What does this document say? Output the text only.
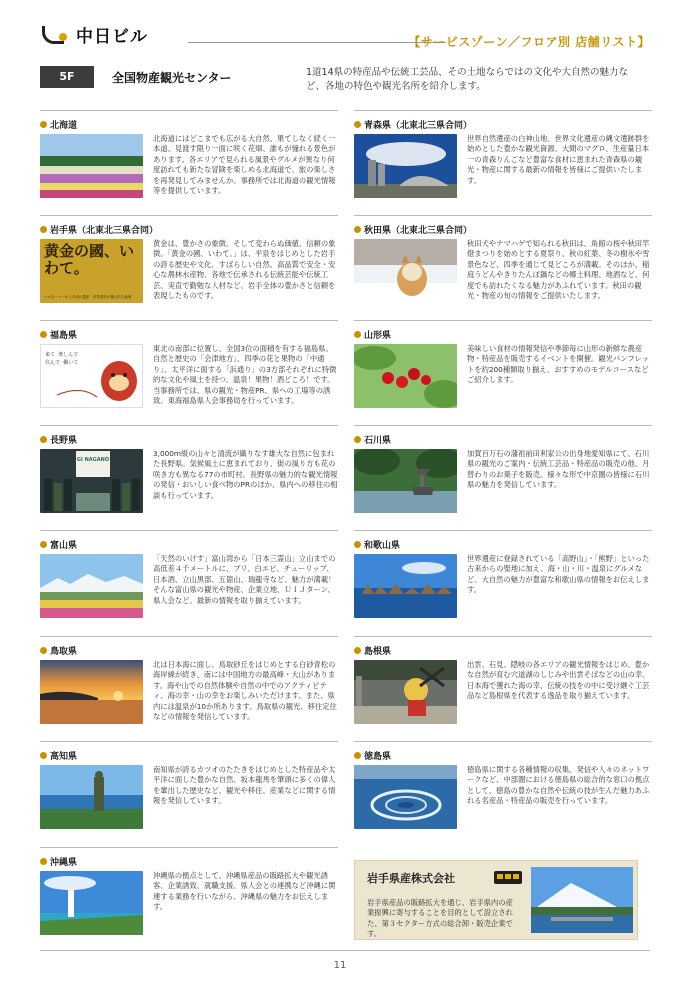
中日ビル	【サービスゾーン／フロア別 店舗リスト】
5F	全国物産観光センター	1道14県の特産品や伝統工芸品、その土地ならではの文化や大自然の魅力など、各地の特色や観光名所を紹介します。
北海道
北海道にはどこまでも広がる大自然、果てしなく続く一本道、見渡す限り一面に咲く花畑、誰もが憧れる景色があります。各エリアで見られる風景やグルメが異なり何度訪れても新たな冒険を楽しめる北海道で、旅の楽しさを再発見してみませんか。事務所では北海道の観光情報等を提供しています。
青森県（北東北三県合同）
世界自然遺産の白神山地、世界文化遺産の縄文遺跡群を始めとした豊かな観光資源、大間のマグロ、生産量日本一の青森りんごなど豊富な食材に恵まれた青森県の観光・物産に関する最新の情報を皆様にご提供いたします。
岩手県（北東北三県合同）
黄金の國、いわて。
マルなーパーから平成の遺産、世界遺産が選ばれた地域
黄金は、豊かさの象徴。そして変わらぬ価値、信頼の象徴。「黄金の國、いわて。」は、平泉をはじめとした岩手の誇る歴史や文化、すばらしい自然、高品質で安全・安心な農林水産物、各地で伝承される伝統芸能や伝統工芸、実直で勤勉な人材など、岩手全体の豊かさと信頼を表現したものです。
秋田県（北東北三県合同）
秋田犬やナマハゲで知られる秋田は、角館の桜や秋田竿燈まつりを始めとする夏祭り、秋の紅葉、冬の樹氷や雪景色など、四季を通じて見どころが満載。そのほか、稲庭うどんやきりたんぽ鍋などの郷土料理、地酒など、何度でも訪れたくなる魅力があふれています。秋田の観光・物産の旬の情報をご提供いたします。
福島県
来て 楽しんで
住んで 働いて
東北の南部に位置し、全国3位の面積を有する福島県。自然と歴史の「会津地方」、四季の花と果物の「中通り」、太平洋に面する「浜通り」の3方部それぞれに特徴的な文化や風土を持つ、温泉！果物！酒どころ！です。当事務所では、県の観光・物産PR、県への工場等の誘致、東海福島県人会事務局を行っています。
山形県
美味しい食材の情報発信や季節毎に山形の新鮮な農産物・特産品を販売するイベントを開催。観光パンフレットを約200種類取り揃え、おすすめのモデルコースなどご紹介します。
長野県
GI NAGANO
3,000m級の山々と清流が織りなす雄大な自然に包まれた長野県。気候風土に恵まれており、街の風り方も花の咲き方も異なる77の市町村。長野県の魅力的な観光情報の発信・おいしい食べ物のPRのほか、県内への移住の相談も行っています。
石川県
加賀百万石の藩祖前田利家公の出身地愛知県にて、石川県の観光のご案内・伝統工芸品・特産品の販売の他、月替わりのお菓子を販売。様々な形で中京圏の皆様に石川県の魅力を発信しています。
富山県
「天然のいけす」富山湾から「日本三霊山」立山までの高低差４千メートルに、ブリ、白エビ、チューリップ、日本酒、立山黒部、五箇山、瑞龍寺など、魅力が満載！そんな富山県の観光や物産、企業立地、ＵＩＪターン、県人会など、最新の情報を取り揃えています。
和歌山県
世界遺産に登録されている「高野山」・「熊野」といった古来からの聖地に加え、海・山・川・温泉にグルメなど、大自然の魅力が豊富な和歌山県の情報をお伝えします。
鳥取県
北は日本海に面し、鳥取砂丘をはじめとする白砂青松の海岸線が続き、南には中国地方の最高峰・大山があります。海や山での自然体験や自然の中でのアクティビティ、海の幸・山の幸をお楽しみいただけます。また、県内には温泉が10か所あります。鳥取県の観光、移住定住などの情報を発信しています。
島根県
出雲、石見、隠岐の各エリアの観光情報をはじめ、豊かな自然が育む穴道湖のしじみや出雲そばなどの山の幸、日本海で獲れた海の幸、伝統の技をの中に受け継ぐ工芸品など島根県を代表する逸品を取り揃えています。
高知県
南知県が誇るカツオのたたきをはじめとした特産品や太平洋に面した豊かな自然、坂本龍馬を筆頭に多くの偉人を輩出した歴史など、観光や移住、産業などに関する情報を発信しています。
徳島県
徳島県に関する各種情報の収集、発信や人々のネットワークなど、中部圏における徳島県の総合的な窓口の拠点として、徳島の豊かな自然や伝統の技が生んだ魅力あふれる名産品・特産品の販売を行っています。
沖縄県
沖縄県の拠点として、沖縄県産品の販路拡大や観光誘客、企業誘致、就職支援、県人会との連携など沖縄に関連する業務を行いながら、沖縄県の魅力をお伝えします。
岩手県産株式会社
岩手県産品の販路拡大を通じ、岩手県内の産業振興に寄与することを目的として設立された、第３セクター方式の総合卸・販売企業です。
11
